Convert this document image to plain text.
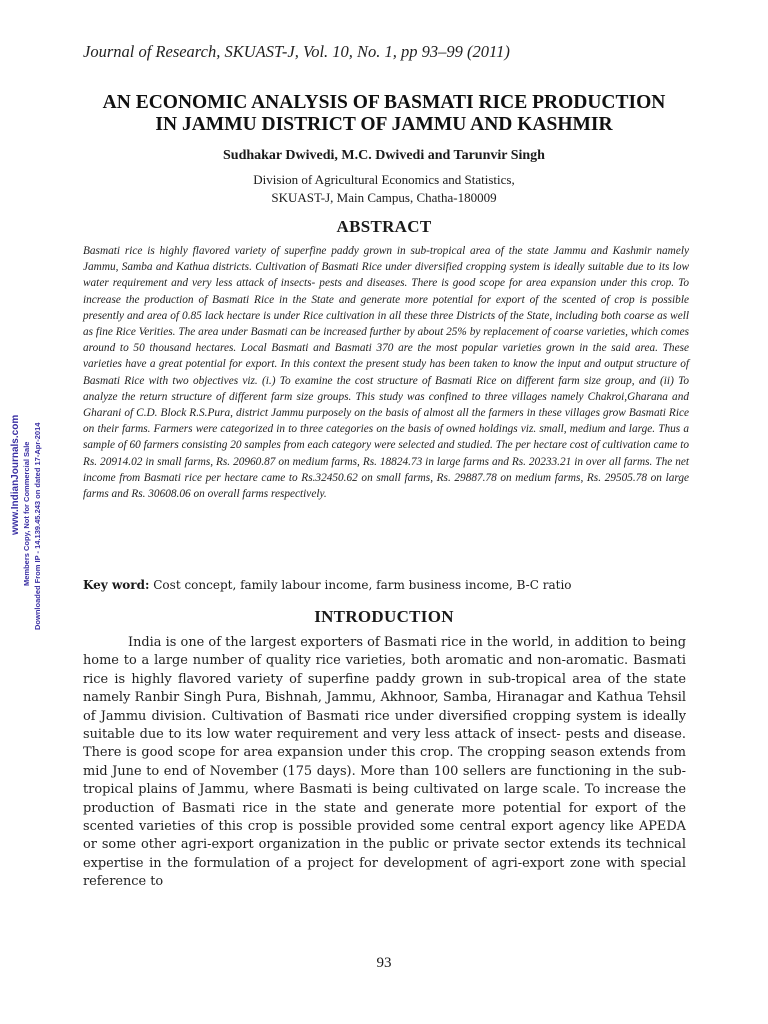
Journal of Research, SKUAST-J, Vol. 10, No. 1, pp 93–99 (2011)
AN ECONOMIC ANALYSIS OF BASMATI RICE PRODUCTION
IN JAMMU DISTRICT OF JAMMU AND KASHMIR
Sudhakar Dwivedi, M.C. Dwivedi and Tarunvir Singh
Division of Agricultural Economics and Statistics,
SKUAST-J, Main Campus, Chatha-180009
ABSTRACT
Basmati rice is highly flavored variety of superfine paddy grown in sub-tropical area of the state Jammu and Kashmir namely Jammu, Samba and Kathua districts. Cultivation of Basmati Rice under diversified cropping system is ideally suitable due to its low water requirement and very less attack of insects- pests and diseases. There is good scope for area expansion under this crop. To increase the production of Basmati Rice in the State and generate more potential for export of the scented of crop is possible presently and area of 0.85 lack hectare is under Rice cultivation in all these three Districts of the State, including both coarse as well as fine Rice Verities. The area under Basmati can be increased further by about 25% by replacement of coarse varieties, which comes around to 50 thousand hectares. Local Basmati and Basmati 370 are the most popular varieties grown in the said area. These varieties have a great potential for export. In this context the present study has been taken to know the input and output structure of Basmati Rice with two objectives viz. (i.) To examine the cost structure of Basmati Rice on different farm size group, and (ii) To analyze the return structure of different farm size groups. This study was confined to three villages namely Chakroi,Gharana and Gharani of C.D. Block R.S.Pura, district Jammu purposely on the basis of almost all the farmers in these villages grow Basmati Rice on their farms. Farmers were categorized in to three categories on the basis of owned holdings viz. small, medium and large. Thus a sample of 60 farmers consisting 20 samples from each category were selected and studied. The per hectare cost of cultivation came to Rs. 20914.02 in small farms, Rs. 20960.87 on medium farms, Rs. 18824.73 in large farms and Rs. 20233.21 in over all farms. The net income from Basmati rice per hectare came to Rs.32450.62 on small farms, Rs. 29887.78 on medium farms, Rs. 29505.78 on large farms and Rs. 30608.06 on overall farms respectively.
Key word: Cost concept, family labour income, farm business income, B-C ratio
INTRODUCTION
India is one of the largest exporters of Basmati rice in the world, in addition to being home to a large number of quality rice varieties, both aromatic and non-aromatic. Basmati rice is highly flavored variety of superfine paddy grown in sub-tropical area of the state namely Ranbir Singh Pura, Bishnah, Jammu, Akhnoor, Samba, Hiranagar and Kathua Tehsil of Jammu division. Cultivation of Basmati rice under diversified cropping system is ideally suitable due to its low water requirement and very less attack of insect- pests and disease. There is good scope for area expansion under this crop. The cropping season extends from mid June to end of November (175 days). More than 100 sellers are functioning in the sub-tropical plains of Jammu, where Basmati is being cultivated on large scale. To increase the production of Basmati rice in the state and generate more potential for export of the scented varieties of this crop is possible provided some central export agency like APEDA or some other agri-export organization in the public or private sector extends its technical expertise in the formulation of a project for development of agri-export zone with special reference to
93
www.IndianJournals.com Members Copy, Not for Commercial Sale Downloaded From IP - 14.139.45.243 on dated 17-Apr-2014
